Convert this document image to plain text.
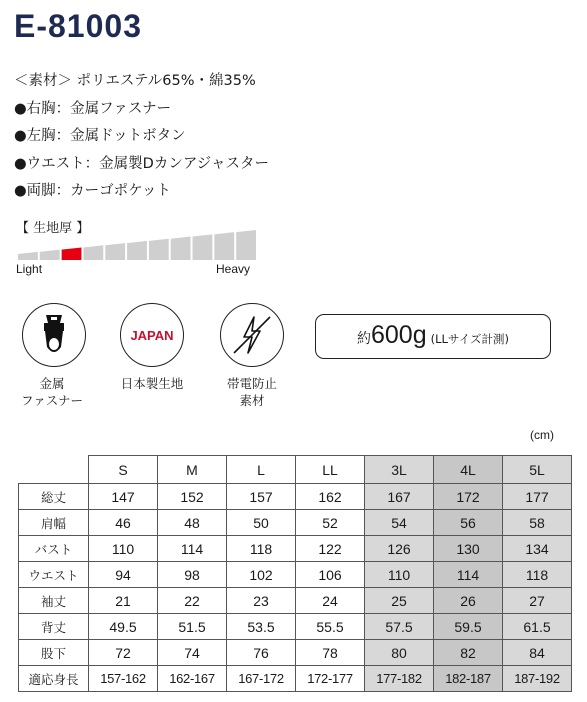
E-81003
＜素材＞ ポリエステル65%・綿35%
●右胸：金属ファスナー
●左胸：金属ドットボタン
●ウエスト：金属製Dカンアジャスター
●両脚：カーゴポケット
【 生地厚 】
Light	Heavy
金属
ファスナー
JAPAN
日本製生地	帯電防止
素材
約 600g (LLサイズ計測)
(cm)
	S	M	L	LL	3L	4L	5L
総丈	147	152	157	162	167	172	177
肩幅	46	48	50	52	54	56	58
バスト	110	114	118	122	126	130	134
ウエスト	94	98	102	106	110	114	118
袖丈	21	22	23	24	25	26	27
背丈	49.5	51.5	53.5	55.5	57.5	59.5	61.5
股下	72	74	76	78	80	82	84
適応身長	157-162	162-167	167-172	172-177	177-182	182-187	187-192
